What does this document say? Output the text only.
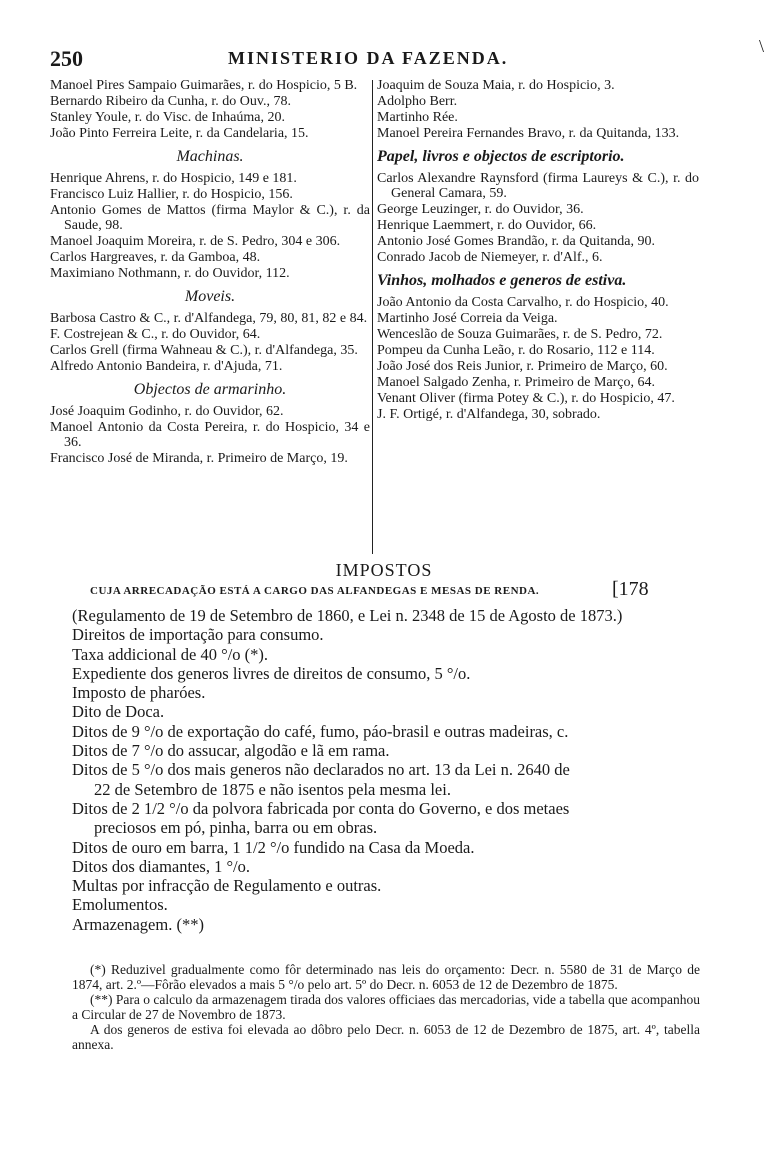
250	MINISTERIO DA FAZENDA.
\
Manoel Pires Sampaio Guimarães, r. do Hospicio, 5 B.
Bernardo Ribeiro da Cunha, r. do Ouv., 78.
Stanley Youle, r. do Visc. de Inhaúma, 20.
João Pinto Ferreira Leite, r. da Candelaria, 15.
Machinas.
Henrique Ahrens, r. do Hospicio, 149 e 181.
Francisco Luiz Hallier, r. do Hospicio, 156.
Antonio Gomes de Mattos (firma Maylor & C.), r. da Saude, 98.
Manoel Joaquim Moreira, r. de S. Pedro, 304 e 306.
Carlos Hargreaves, r. da Gamboa, 48.
Maximiano Nothmann, r. do Ouvidor, 112.
Moveis.
Barbosa Castro & C., r. d'Alfandega, 79, 80, 81, 82 e 84.
F. Costrejean & C., r. do Ouvidor, 64.
Carlos Grell (firma Wahneau & C.), r. d'Alfandega, 35.
Alfredo Antonio Bandeira, r. d'Ajuda, 71.
Objectos de armarinho.
José Joaquim Godinho, r. do Ouvidor, 62.
Manoel Antonio da Costa Pereira, r. do Hospicio, 34 e 36.
Francisco José de Miranda, r. Primeiro de Março, 19.
Joaquim de Souza Maia, r. do Hospicio, 3.
Adolpho Berr.
Martinho Rée.
Manoel Pereira Fernandes Bravo, r. da Quitanda, 133.
Papel, livros e objectos de escriptorio.
Carlos Alexandre Raynsford (firma Laureys & C.), r. do General Camara, 59.
George Leuzinger, r. do Ouvidor, 36.
Henrique Laemmert, r. do Ouvidor, 66.
Antonio José Gomes Brandão, r. da Quitanda, 90.
Conrado Jacob de Niemeyer, r. d'Alf., 6.
Vinhos, molhados e generos de estiva.
João Antonio da Costa Carvalho, r. do Hospicio, 40.
Martinho José Correia da Veiga.
Wenceslão de Souza Guimarães, r. de S. Pedro, 72.
Pompeu da Cunha Leão, r. do Rosario, 112 e 114.
João José dos Reis Junior, r. Primeiro de Março, 60.
Manoel Salgado Zenha, r. Primeiro de Março, 64.
Venant Oliver (firma Potey & C.), r. do Hospicio, 47.
J. F. Ortigé, r. d'Alfandega, 30, sobrado.
IMPOSTOS
CUJA ARRECADAÇÃO ESTÁ A CARGO DAS ALFANDEGAS E MESAS DE RENDA.	[178
(Regulamento de 19 de Setembro de 1860, e Lei n. 2348 de 15 de Agosto de 1873.)
Direitos de importação para consumo.
Taxa addicional de 40 °/o (*).
Expediente dos generos livres de direitos de consumo, 5 °/o.
Imposto de pharóes.
Dito de Doca.
Ditos de 9 °/o de exportação do café, fumo, páo-brasil e outras madeiras, c.
Ditos de 7 °/o do assucar, algodão e lã em rama.
Ditos de 5 °/o dos mais generos não declarados no art. 13 da Lei n. 2640 de
22 de Setembro de 1875 e não isentos pela mesma lei.
Ditos de 2 1/2 °/o da polvora fabricada por conta do Governo, e dos metaes
preciosos em pó, pinha, barra ou em obras.
Ditos de ouro em barra, 1 1/2 °/o fundido na Casa da Moeda.
Ditos dos diamantes, 1 °/o.
Multas por infracção de Regulamento e outras.
Emolumentos.
Armazenagem. (**)
(*) Reduzivel gradualmente como fôr determinado nas leis do orçamento: Decr. n. 5580 de 31 de Março de 1874, art. 2.º—Fôrão elevados a mais 5 °/o pelo art. 5º do Decr. n. 6053 de 12 de Dezembro de 1875.
(**) Para o calculo da armazenagem tirada dos valores officiaes das mercadorias, vide a tabella que acompanhou a Circular de 27 de Novembro de 1873.
A dos generos de estiva foi elevada ao dôbro pelo Decr. n. 6053 de 12 de Dezembro de 1875, art. 4º, tabella annexa.
